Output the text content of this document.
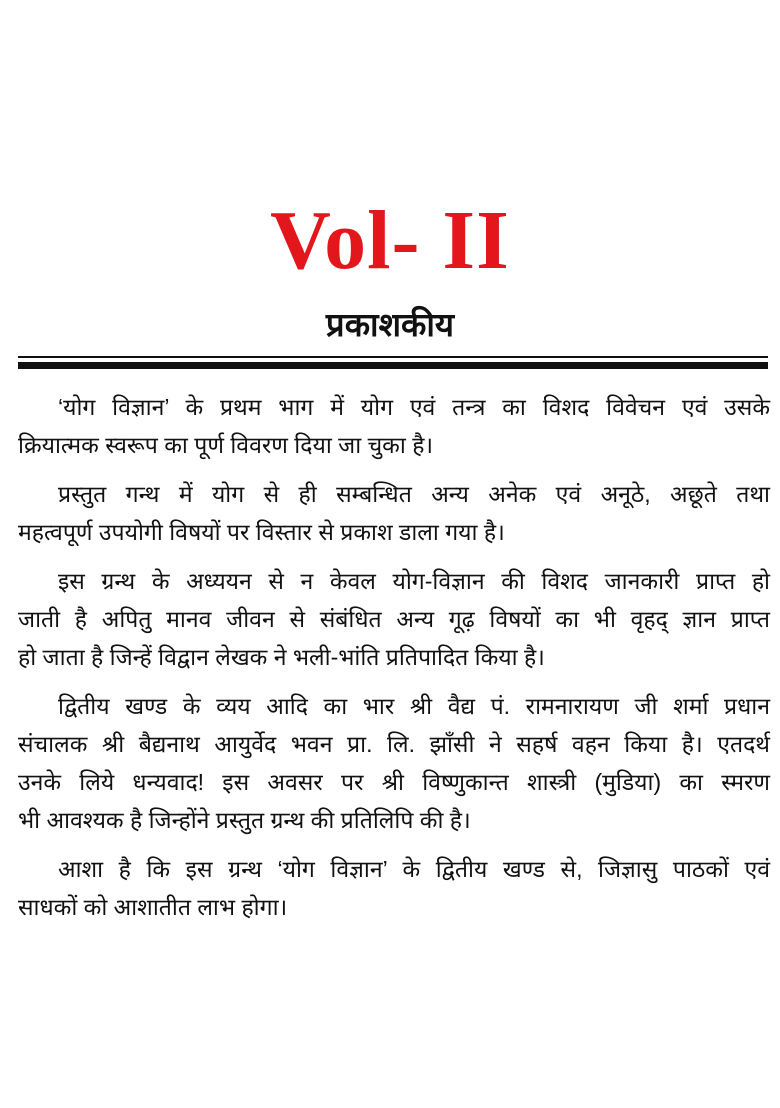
Vol- II
प्रकाशकीय

‘योग विज्ञान’ के प्रथम भाग में योग एवं तन्त्र का विशद विवेचन एवं उसके
क्रियात्मक स्वरूप का पूर्ण विवरण दिया जा चुका है।

प्रस्तुत गन्थ में योग से ही सम्बन्धित अन्य अनेक एवं अनूठे, अछूते तथा
महत्वपूर्ण उपयोगी विषयों पर विस्तार से प्रकाश डाला गया है।

इस ग्रन्थ के अध्ययन से न केवल योग-विज्ञान की विशद जानकारी प्राप्त हो
जाती है अपितु मानव जीवन से संबंधित अन्य गूढ़ विषयों का भी वृहद् ज्ञान प्राप्त
हो जाता है जिन्हें विद्वान लेखक ने भली-भांति प्रतिपादित किया है।

द्वितीय खण्ड के व्यय आदि का भार श्री वैद्य पं. रामनारायण जी शर्मा प्रधान
संचालक श्री बैद्यनाथ आयुर्वेद भवन प्रा. लि. झाँसी ने सहर्ष वहन किया है। एतदर्थ
उनके लिये धन्यवाद! इस अवसर पर श्री विष्णुकान्त शास्त्री (मुडिया) का स्मरण
भी आवश्यक है जिन्होंने प्रस्तुत ग्रन्थ की प्रतिलिपि की है।

आशा है कि इस ग्रन्थ ‘योग विज्ञान’ के द्वितीय खण्ड से, जिज्ञासु पाठकों एवं
साधकों को आशातीत लाभ होगा।
